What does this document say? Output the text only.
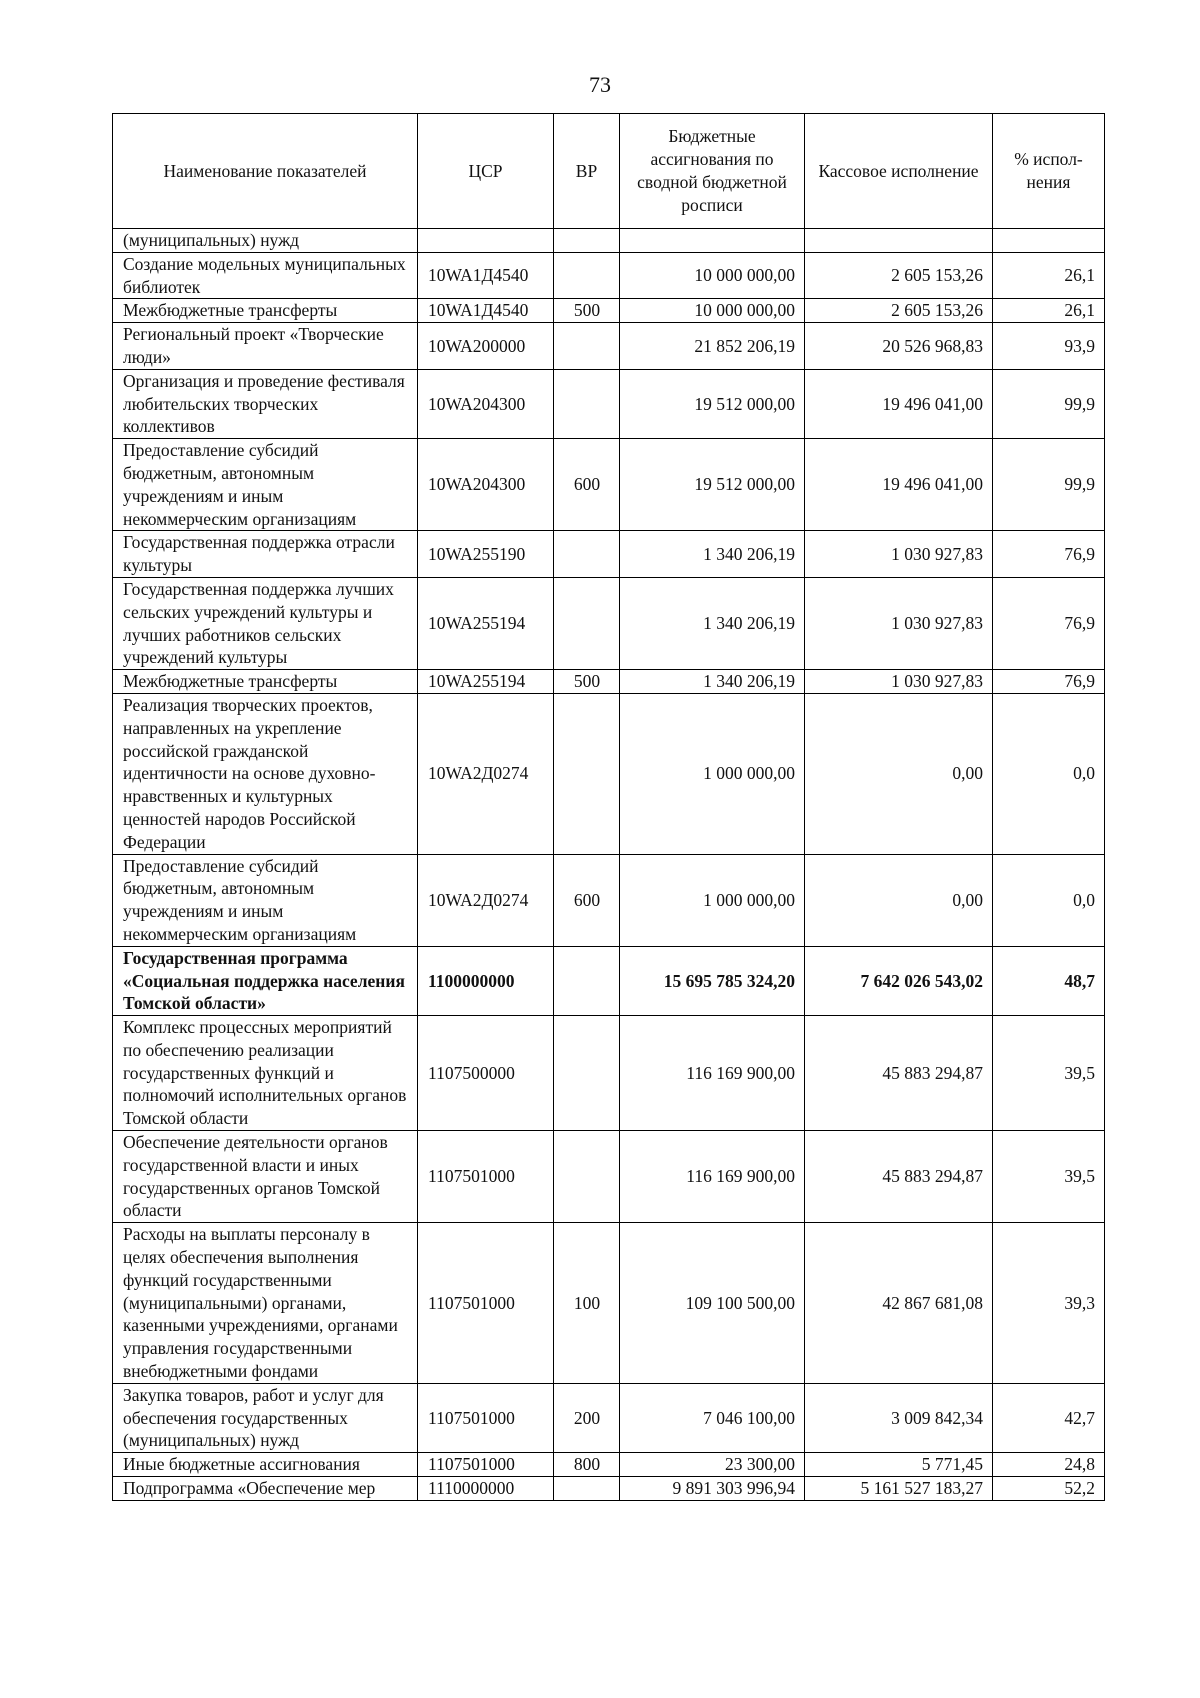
73
Наименование показателей	ЦСР	ВР	Бюджетные ассигнования по сводной бюджетной росписи	Кассовое исполнение	% испол-нения
(муниципальных) нужд					
Создание модельных муниципальных библиотек	10WA1Д4540		10 000 000,00	2 605 153,26	26,1
Межбюджетные трансферты	10WA1Д4540	500	10 000 000,00	2 605 153,26	26,1
Региональный проект «Творческие люди»	10WA200000		21 852 206,19	20 526 968,83	93,9
Организация и проведение фестиваля любительских творческих коллективов	10WA204300		19 512 000,00	19 496 041,00	99,9
Предоставление субсидий бюджетным, автономным учреждениям и иным некоммерческим организациям	10WA204300	600	19 512 000,00	19 496 041,00	99,9
Государственная поддержка отрасли культуры	10WA255190		1 340 206,19	1 030 927,83	76,9
Государственная поддержка лучших сельских учреждений культуры и лучших работников сельских учреждений культуры	10WA255194		1 340 206,19	1 030 927,83	76,9
Межбюджетные трансферты	10WA255194	500	1 340 206,19	1 030 927,83	76,9
Реализация творческих проектов, направленных на укрепление российской гражданской идентичности на основе духовно-нравственных и культурных ценностей народов Российской Федерации	10WA2Д0274		1 000 000,00	0,00	0,0
Предоставление субсидий бюджетным, автономным учреждениям и иным некоммерческим организациям	10WA2Д0274	600	1 000 000,00	0,00	0,0
Государственная программа «Социальная поддержка населения Томской области»	1100000000		15 695 785 324,20	7 642 026 543,02	48,7
Комплекс процессных мероприятий по обеспечению реализации государственных функций и полномочий исполнительных органов Томской области	1107500000		116 169 900,00	45 883 294,87	39,5
Обеспечение деятельности органов государственной власти и иных государственных органов Томской области	1107501000		116 169 900,00	45 883 294,87	39,5
Расходы на выплаты персоналу в целях обеспечения выполнения функций государственными (муниципальными) органами, казенными учреждениями, органами управления государственными внебюджетными фондами	1107501000	100	109 100 500,00	42 867 681,08	39,3
Закупка товаров, работ и услуг для обеспечения государственных (муниципальных) нужд	1107501000	200	7 046 100,00	3 009 842,34	42,7
Иные бюджетные ассигнования	1107501000	800	23 300,00	5 771,45	24,8
Подпрограмма «Обеспечение мер	1110000000		9 891 303 996,94	5 161 527 183,27	52,2
